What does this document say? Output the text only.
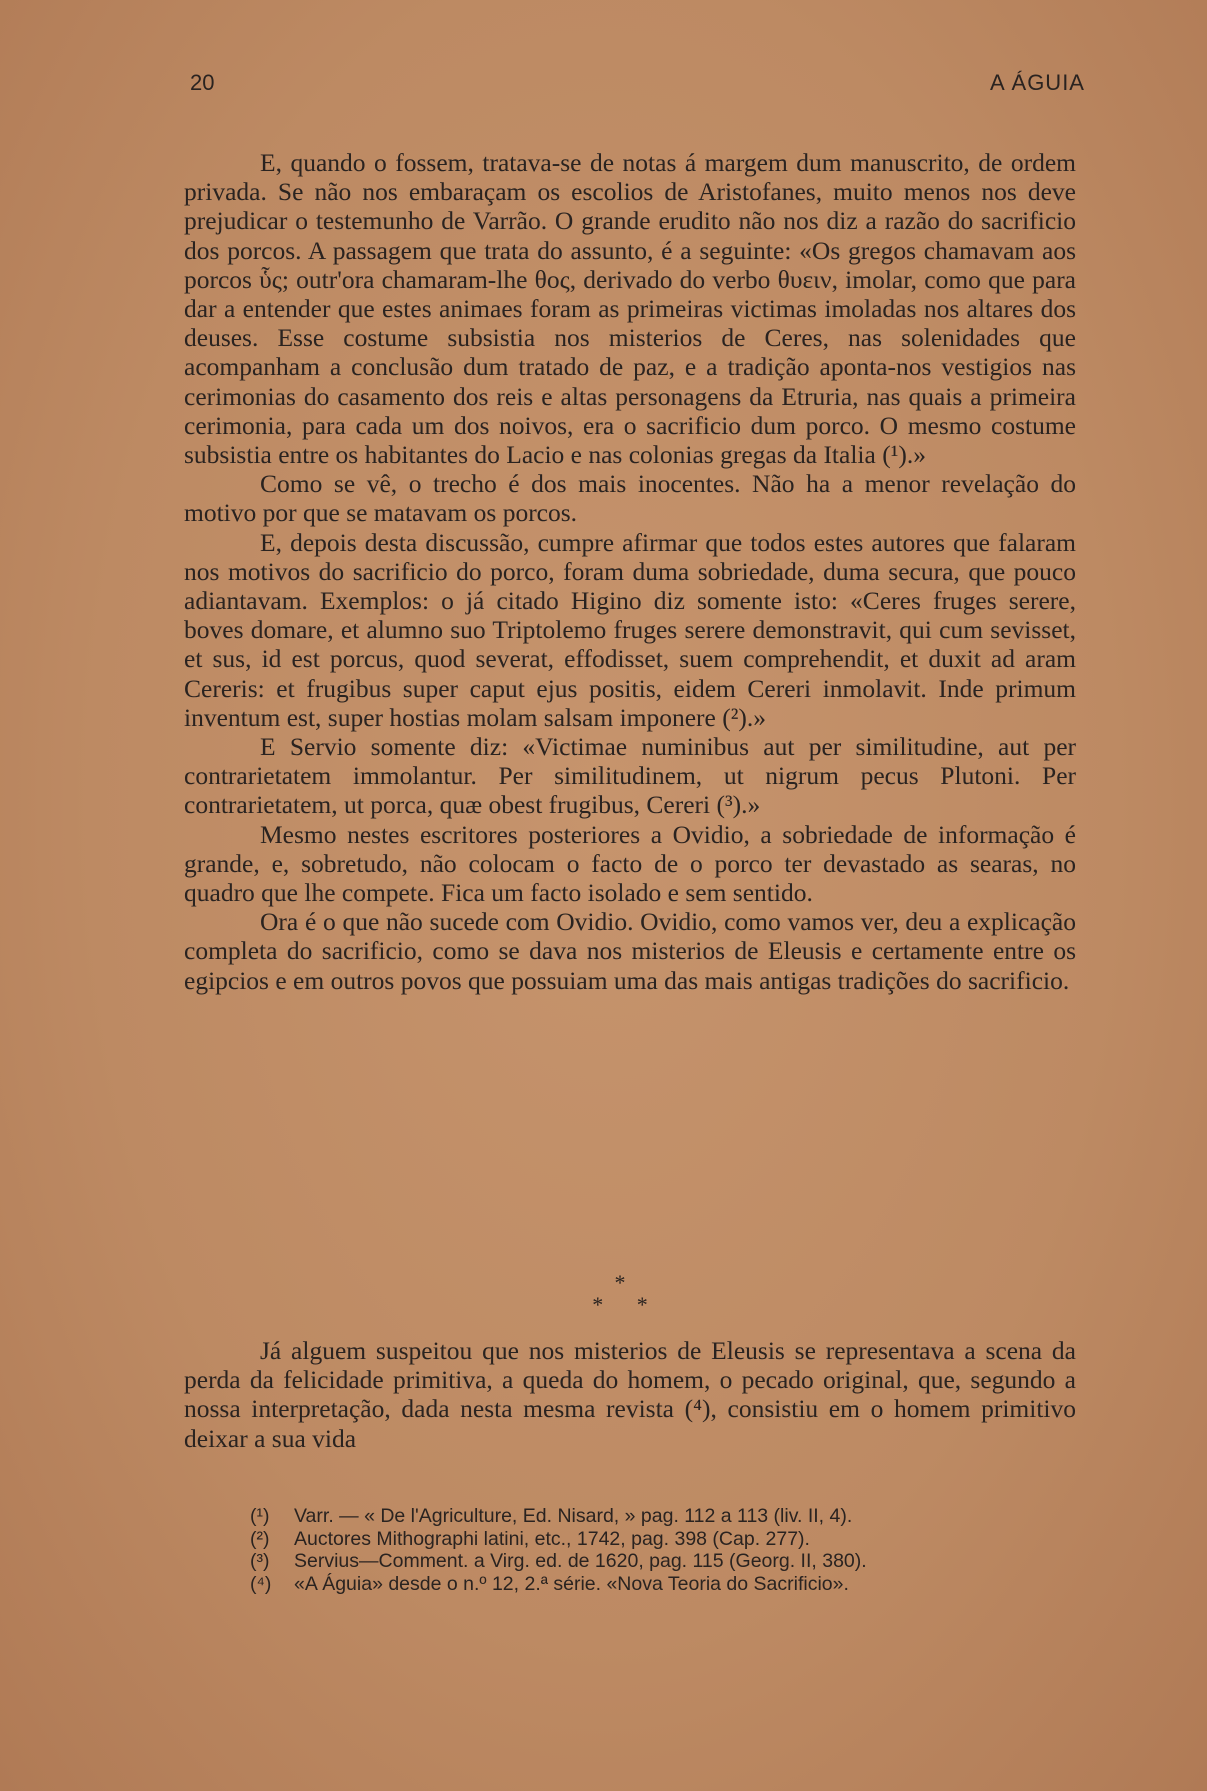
20	A ÁGUIA

E, quando o fossem, tratava-se de notas á margem dum manuscrito, de ordem privada. Se não nos embaraçam os escolios de Aristofanes, muito menos nos deve prejudicar o testemunho de Varrão. O grande erudito não nos diz a razão do sacrificio dos porcos. A passagem que trata do assunto, é a seguinte: «Os gregos chamavam aos porcos ὗς; outr'ora chamaram-lhe θος, derivado do verbo θυειν, imolar, como que para dar a entender que estes animaes foram as primeiras victimas imoladas nos altares dos deuses. Esse costume subsistia nos misterios de Ceres, nas solenidades que acompanham a conclusão dum tratado de paz, e a tradição aponta-nos vestigios nas cerimonias do casamento dos reis e altas personagens da Etruria, nas quais a primeira cerimonia, para cada um dos noivos, era o sacrificio dum porco. O mesmo costume subsistia entre os habitantes do Lacio e nas colonias gregas da Italia (¹).»

Como se vê, o trecho é dos mais inocentes. Não ha a menor revelação do motivo por que se matavam os porcos.

E, depois desta discussão, cumpre afirmar que todos estes autores que falaram nos motivos do sacrificio do porco, foram duma sobriedade, duma secura, que pouco adiantavam. Exemplos: o já citado Higino diz somente isto: «Ceres fruges serere, boves domare, et alumno suo Triptolemo fruges serere demonstravit, qui cum sevisset, et sus, id est porcus, quod severat, effodisset, suem comprehendit, et duxit ad aram Cereris: et frugibus super caput ejus positis, eidem Cereri inmolavit. Inde primum inventum est, super hostias molam salsam imponere (²).»

E Servio somente diz: «Victimae numinibus aut per similitudine, aut per contrarietatem immolantur. Per similitudinem, ut nigrum pecus Plutoni. Per contrarietatem, ut porca, quæ obest frugibus, Cereri (³).»

Mesmo nestes escritores posteriores a Ovidio, a sobriedade de informação é grande, e, sobretudo, não colocam o facto de o porco ter devastado as searas, no quadro que lhe compete. Fica um facto isolado e sem sentido.

Ora é o que não sucede com Ovidio. Ovidio, como vamos ver, deu a explicação completa do sacrificio, como se dava nos misterios de Eleusis e certamente entre os egipcios e em outros povos que possuiam uma das mais antigas tradições do sacrificio.

*
* *

Já alguem suspeitou que nos misterios de Eleusis se representava a scena da perda da felicidade primitiva, a queda do homem, o pecado original, que, segundo a nossa interpretação, dada nesta mesma revista (⁴), consistiu em o homem primitivo deixar a sua vida

(¹)	Varr. — « De l'Agriculture, Ed. Nisard, » pag. 112 a 113 (liv. II, 4).
(²)	Auctores Mithographi latini, etc., 1742, pag. 398 (Cap. 277).
(³)	Servius—Comment. a Virg. ed. de 1620, pag. 115 (Georg. II, 380).
(⁴)	«A Águia» desde o n.º 12, 2.ª série. «Nova Teoria do Sacrificio».
